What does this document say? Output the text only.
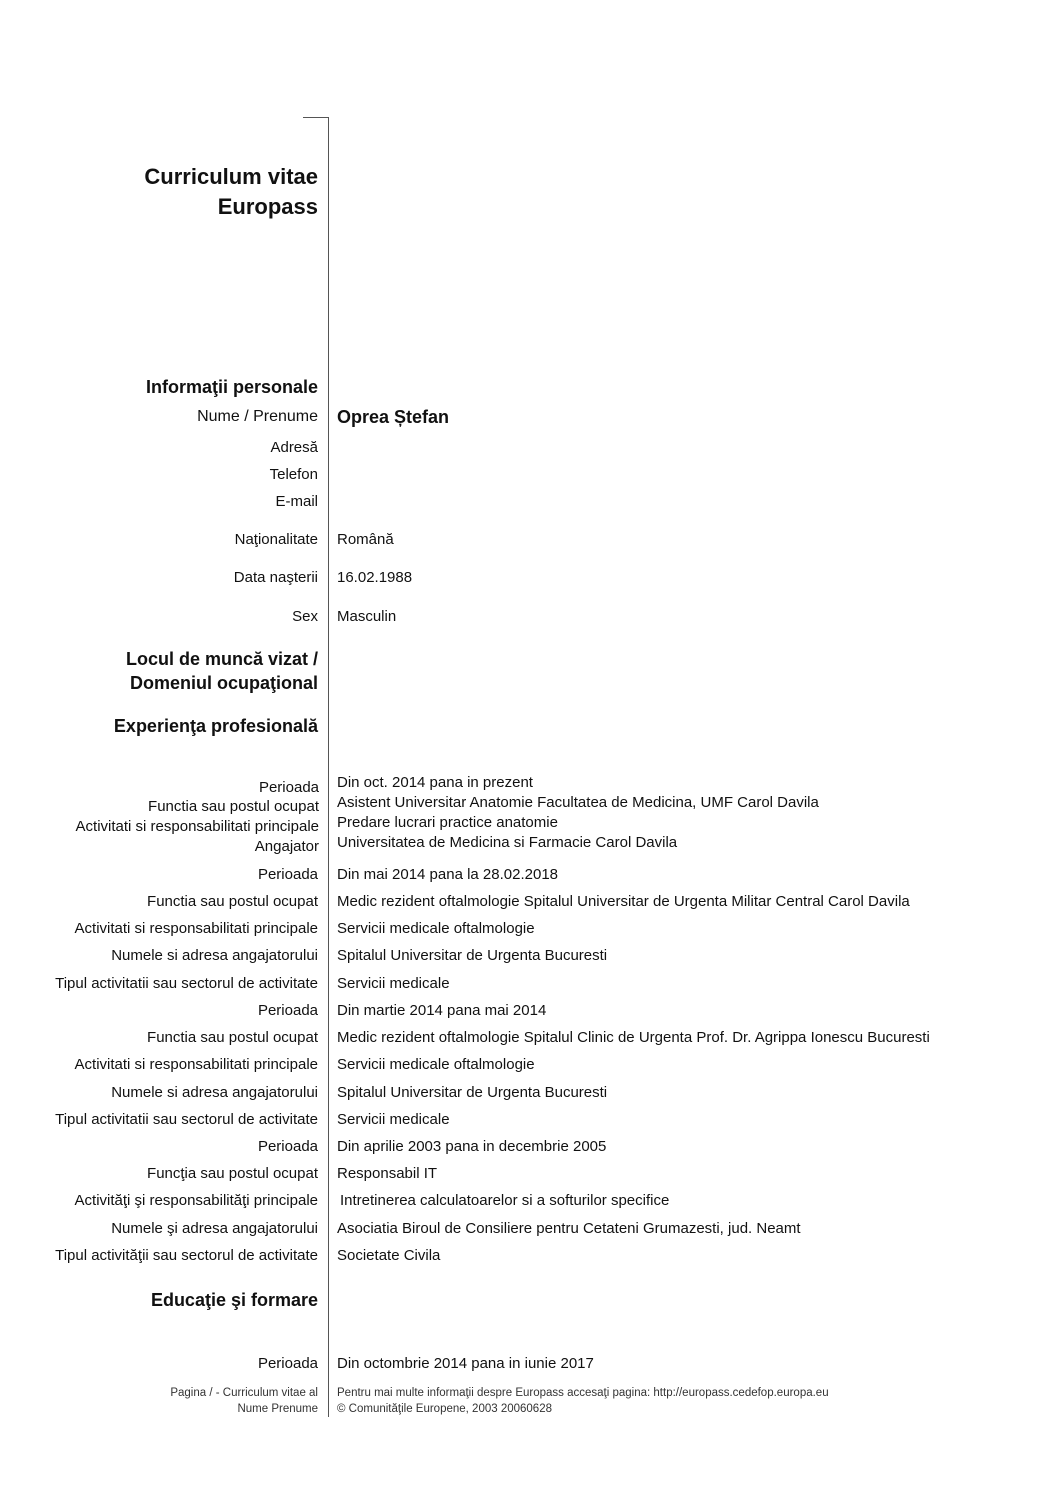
Curriculum vitae
Europass
Informaţii personale
Nume / Prenume Oprea Ștefan
Adresă
Telefon
E-mail
Naţionalitate Română
Data naşterii 16.02.1988
Sex Masculin
Locul de muncă vizat /
Domeniul ocupaţional
Experienţa profesională
Perioada Din oct. 2014 pana in prezent
Functia sau postul ocupat Asistent Universitar Anatomie Facultatea de Medicina, UMF Carol Davila
Activitati si responsabilitati principale Predare lucrari practice anatomie
Angajator Universitatea de Medicina si Farmacie Carol Davila
Perioada Din mai 2014 pana la 28.02.2018
Functia sau postul ocupat Medic rezident oftalmologie Spitalul Universitar de Urgenta Militar Central Carol Davila
Activitati si responsabilitati principale Servicii medicale oftalmologie
Numele si adresa angajatorului Spitalul Universitar de Urgenta Bucuresti
Tipul activitatii sau sectorul de activitate Servicii medicale
Perioada Din martie 2014 pana mai 2014
Functia sau postul ocupat Medic rezident oftalmologie Spitalul Clinic de Urgenta Prof. Dr. Agrippa Ionescu Bucuresti
Activitati si responsabilitati principale Servicii medicale oftalmologie
Numele si adresa angajatorului Spitalul Universitar de Urgenta Bucuresti
Tipul activitatii sau sectorul de activitate Servicii medicale
Perioada Din aprilie 2003 pana in decembrie 2005
Funcţia sau postul ocupat Responsabil IT
Activităţi şi responsabilităţi principale Intretinerea calculatoarelor si a softurilor specifice
Numele şi adresa angajatorului Asociatia Biroul de Consiliere pentru Cetateni Grumazesti, jud. Neamt
Tipul activităţii sau sectorul de activitate Societate Civila
Educaţie şi formare
Perioada Din octombrie 2014 pana in iunie 2017
Pagina / - Curriculum vitae al
Nume Prenume
Pentru mai multe informaţii despre Europass accesaţi pagina: http://europass.cedefop.europa.eu
© Comunităţile Europene, 2003 20060628
